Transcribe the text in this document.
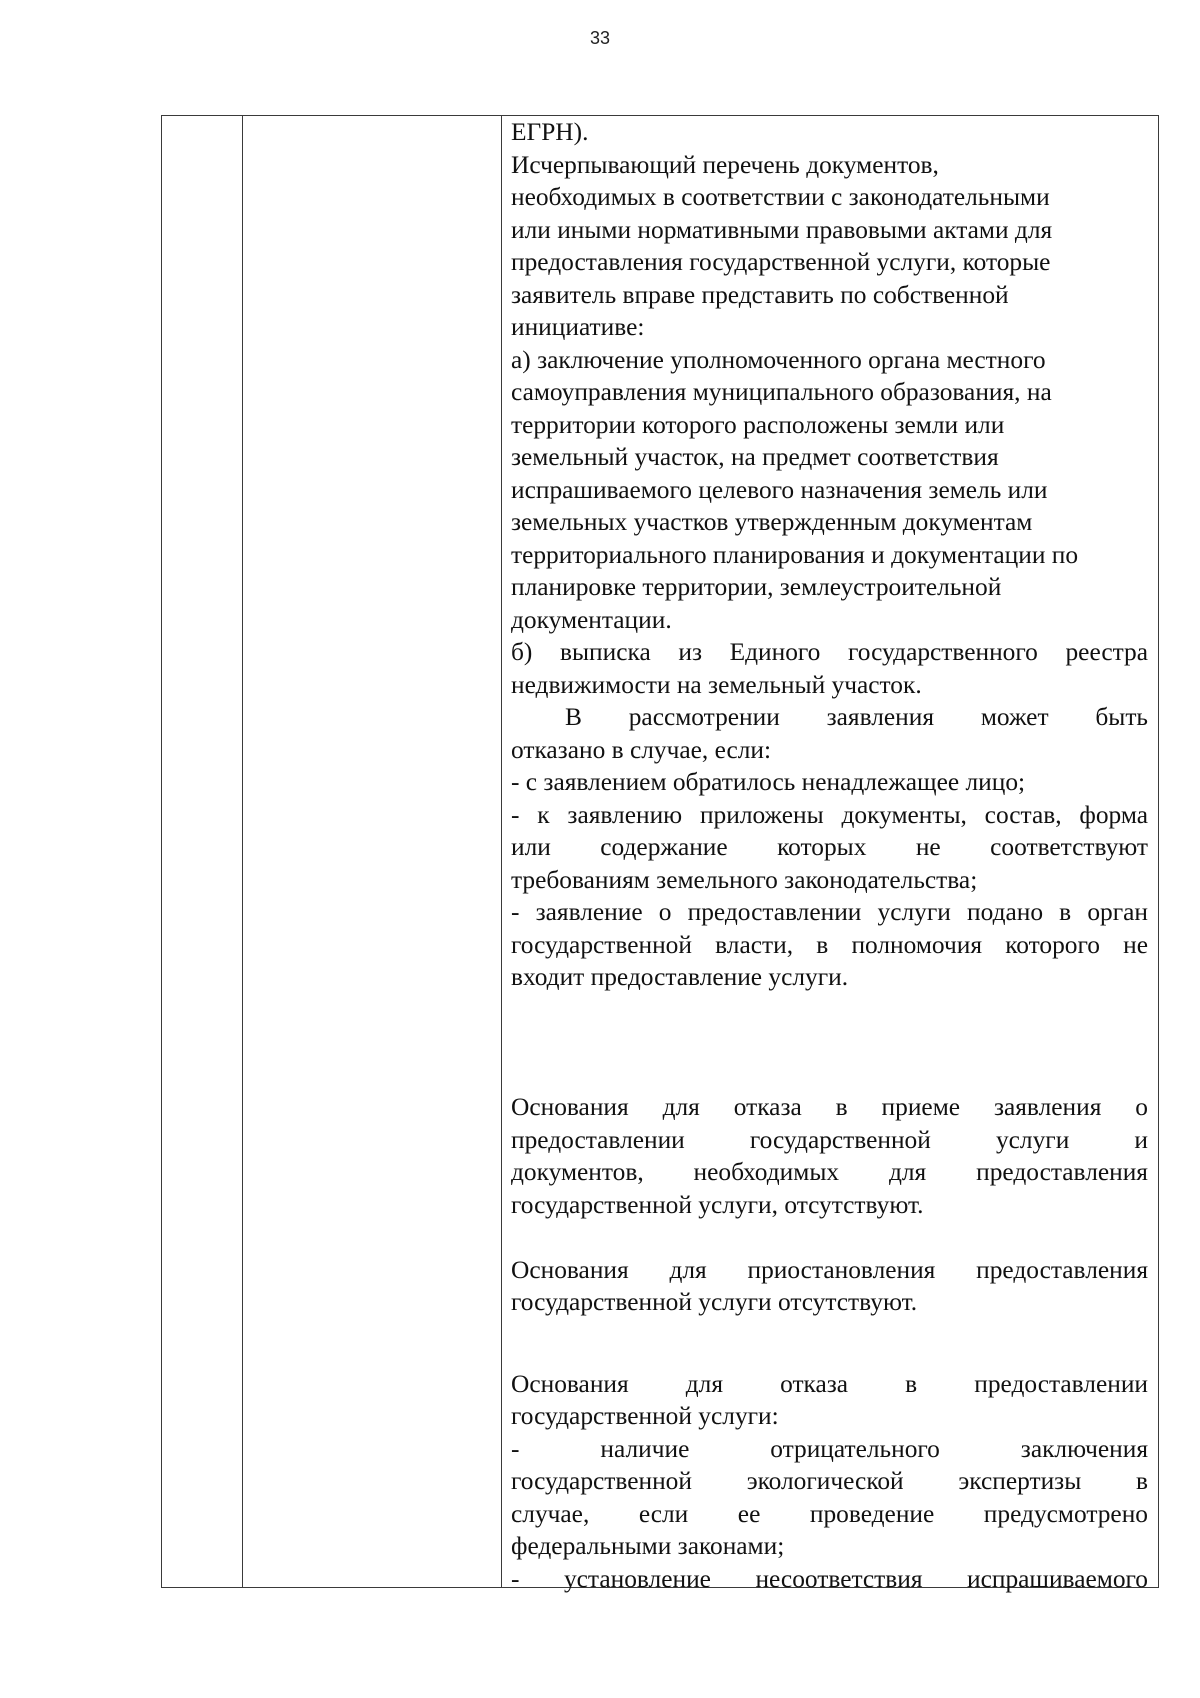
33

ЕГРН).

Исчерпывающий перечень документов,

необходимых в соответствии с законодательными

или иными нормативными правовыми актами для

предоставления государственной услуги, которые

заявитель вправе представить по собственной

инициативе:

а) заключение уполномоченного органа местного

самоуправления муниципального образования, на

территории которого расположены земли или

земельный участок, на предмет соответствия

испрашиваемого целевого назначения земель или

земельных участков утвержденным документам

территориального планирования и документации по

планировке территории, землеустроительной

документации.

б) выписка из Единого государственного реестра

недвижимости на земельный участок.

В рассмотрении заявления может быть

отказано в случае, если:

- с заявлением обратилось ненадлежащее лицо;

- к заявлению приложены документы, состав, форма

или содержание которых не соответствуют

требованиям земельного законодательства;

- заявление о предоставлении услуги подано в орган

государственной власти, в полномочия которого не

входит предоставление услуги.

Основания для отказа в приеме заявления о

предоставлении государственной услуги и

документов, необходимых для предоставления

государственной услуги, отсутствуют.

Основания для приостановления предоставления

государственной услуги отсутствуют.

Основания для отказа в предоставлении

государственной услуги:

- наличие отрицательного заключения

государственной экологической экспертизы в

случае, если ее проведение предусмотрено

федеральными законами;

- установление несоответствия испрашиваемого
